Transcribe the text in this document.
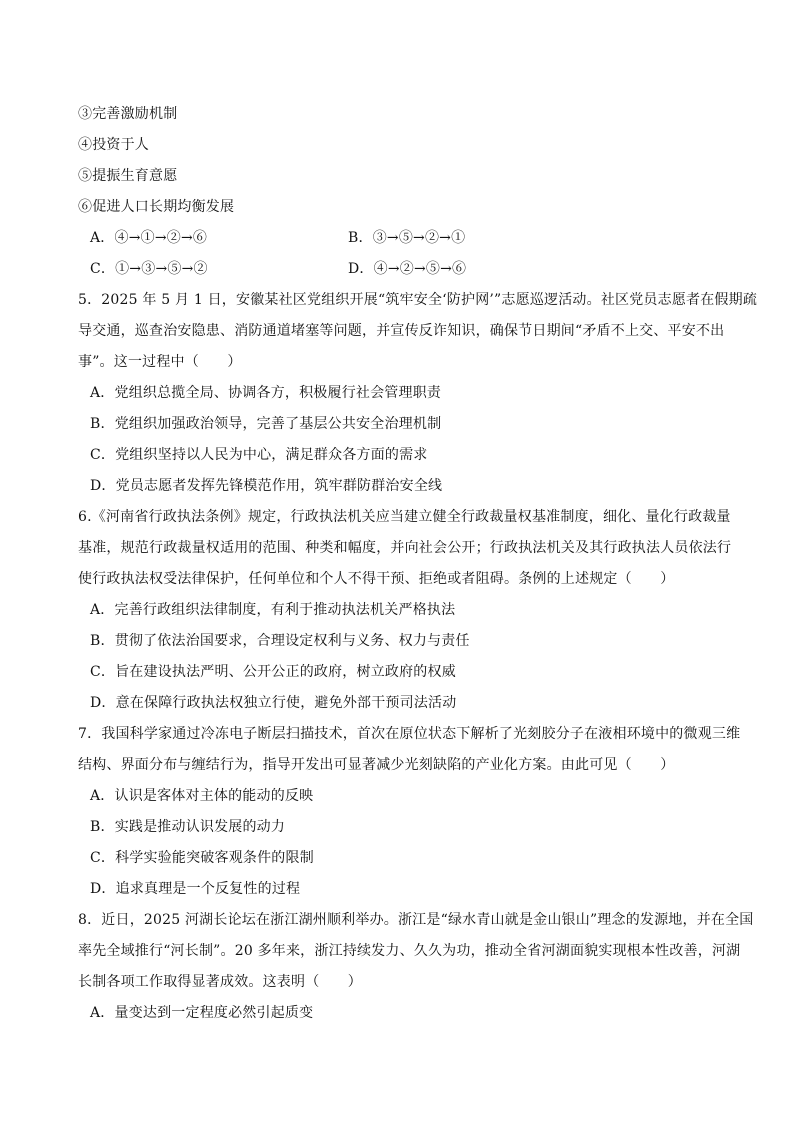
③完善激励机制
④投资于人
⑤提振生育意愿
⑥促进人口长期均衡发展
A．④→①→②→⑥	B．③→⑤→②→①
C．①→③→⑤→②	D．④→②→⑤→⑥
5．2025 年 5 月 1 日，安徽某社区党组织开展“筑牢安全‘防护网’”志愿巡逻活动。社区党员志愿者在假期疏
导交通，巡查治安隐患、消防通道堵塞等问题，并宣传反诈知识，确保节日期间“矛盾不上交、平安不出
事”。这一过程中（　　）
A．党组织总揽全局、协调各方，积极履行社会管理职责
B．党组织加强政治领导，完善了基层公共安全治理机制
C．党组织坚持以人民为中心，满足群众各方面的需求
D．党员志愿者发挥先锋模范作用，筑牢群防群治安全线
6.《河南省行政执法条例》规定，行政执法机关应当建立健全行政裁量权基准制度，细化、量化行政裁量
基准，规范行政裁量权适用的范围、种类和幅度，并向社会公开；行政执法机关及其行政执法人员依法行
使行政执法权受法律保护，任何单位和个人不得干预、拒绝或者阻碍。条例的上述规定（　　）
A．完善行政组织法律制度，有利于推动执法机关严格执法
B．贯彻了依法治国要求，合理设定权利与义务、权力与责任
C．旨在建设执法严明、公开公正的政府，树立政府的权威
D．意在保障行政执法权独立行使，避免外部干预司法活动
7．我国科学家通过冷冻电子断层扫描技术，首次在原位状态下解析了光刻胶分子在液相环境中的微观三维
结构、界面分布与缠结行为，指导开发出可显著减少光刻缺陷的产业化方案。由此可见（　　）
A．认识是客体对主体的能动的反映
B．实践是推动认识发展的动力
C．科学实验能突破客观条件的限制
D．追求真理是一个反复性的过程
8．近日，2025 河湖长论坛在浙江湖州顺利举办。浙江是“绿水青山就是金山银山”理念的发源地，并在全国
率先全域推行“河长制”。20 多年来，浙江持续发力、久久为功，推动全省河湖面貌实现根本性改善，河湖
长制各项工作取得显著成效。这表明（　　）
A．量变达到一定程度必然引起质变
